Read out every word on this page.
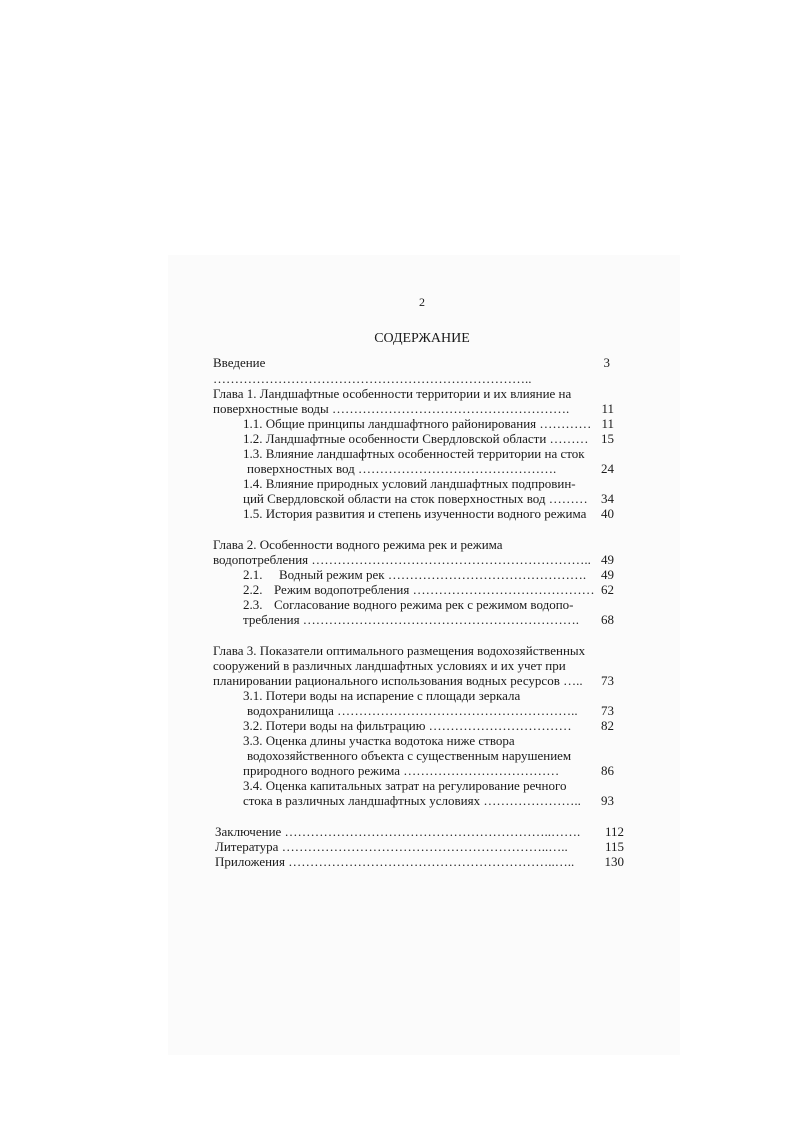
2
СОДЕРЖАНИЕ
Введение	3
………………………………………………………………..
Глава 1. Ландшафтные особенности территории и их влияние на
поверхностные воды ……………………………………………….	11
1.1. Общие принципы ландшафтного районирования ………… 11
1.2. Ландшафтные особенности Свердловской области ……… 15
1.3. Влияние ландшафтных особенностей территории на сток
поверхностных вод ……………………………………….	24
1.4. Влияние природных условий ландшафтных подпровин-
ций Свердловской области на сток поверхностных вод ………	34
1.5. История развития и степень изученности водного режима	40
Глава 2. Особенности водного режима рек и режима
водопотребления ……………………………………………………….. 49
2.1. Водный режим рек ……………………………………….	49
2.2. Режим водопотребления …………………………………… 62
2.3. Согласование водного режима рек с режимом водопо-
требления ……………………………………………………….	68
Глава 3. Показатели оптимального размещения водохозяйственных
сооружений в различных ландшафтных условиях и их учет при
планировании рационального использования водных ресурсов …..	73
3.1. Потери воды на испарение с площади зеркала
водохранилища ………………………………………………..	73
3.2. Потери воды на фильтрацию ……………………………	82
3.3. Оценка длины участка водотока ниже створа
водохозяйственного объекта с существенным нарушением
природного водного режима ………………………………	86
3.4. Оценка капитальных затрат на регулирование речного
стока в различных ландшафтных условиях …………………..	93
Заключение ……………………………………………………..…….	112
Литература ……………………………………………………..…..	115
Приложения ……………………………………………………..…..	130
